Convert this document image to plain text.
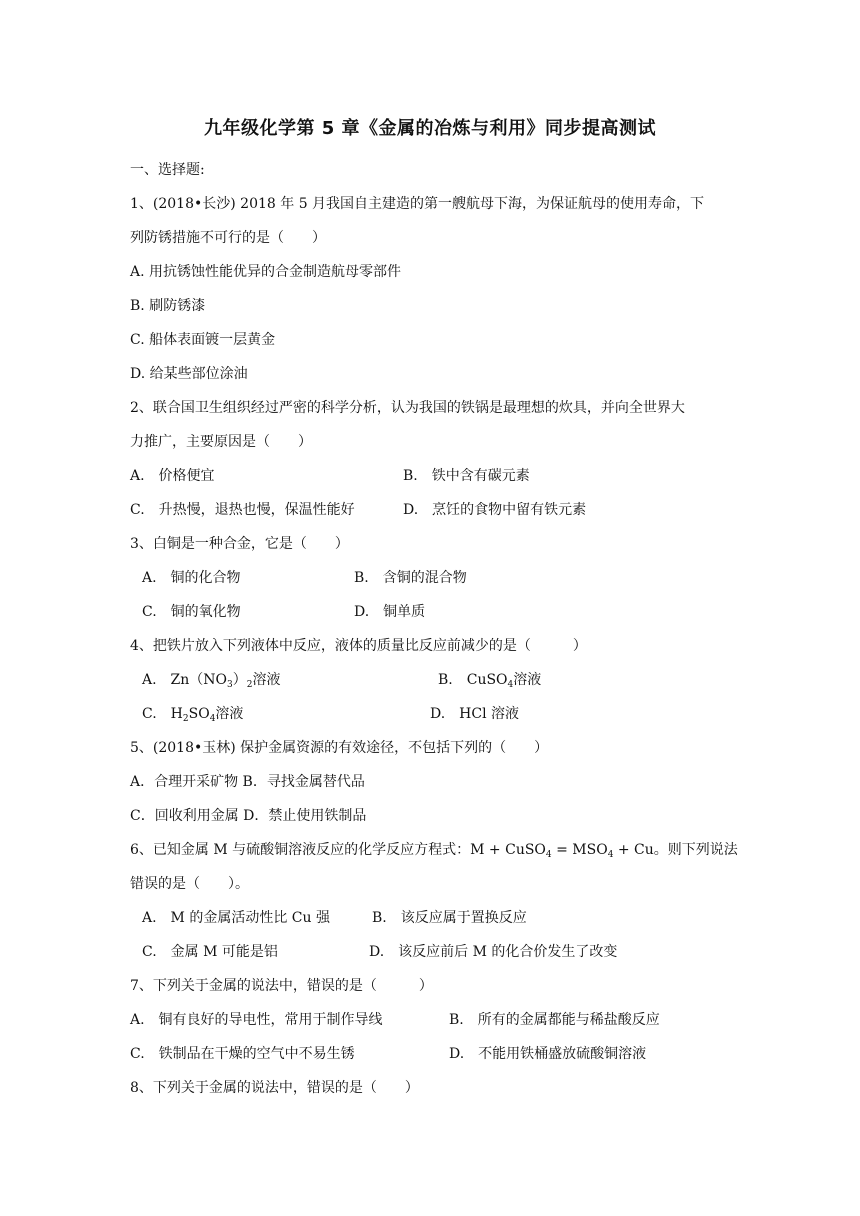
九年级化学第 5 章《金属的冶炼与利用》同步提高测试
一、选择题:
1、(2018•长沙) 2018 年 5 月我国自主建造的第一艘航母下海，为保证航母的使用寿命，下
列防锈措施不可行的是（　　）
A. 用抗锈蚀性能优异的合金制造航母零部件
B. 刷防锈漆
C. 船体表面镀一层黄金
D. 给某些部位涂油
2、联合国卫生组织经过严密的科学分析，认为我国的铁锅是最理想的炊具，并向全世界大
力推广，主要原因是（　　）
A.　价格便宜	B.　铁中含有碳元素
C.　升热慢，退热也慢，保温性能好	D.　烹饪的食物中留有铁元素
3、白铜是一种合金，它是（　　）
A.　铜的化合物	B.　含铜的混合物
C.　铜的氧化物	D.　铜单质
4、把铁片放入下列液体中反应，液体的质量比反应前减少的是（　　　）
A.　$Zn(NO_3)_2$溶液	B.　CuSO$_4$溶液
C.　$H_2SO_4$溶液	D.　HCl 溶液
5、(2018•玉林) 保护金属资源的有效途径，不包括下列的（　　）
A．合理开采矿物 B．寻找金属替代品
C．回收利用金属 D．禁止使用铁制品
6、已知金属 M 与硫酸铜溶液反应的化学反应方程式：M + CuSO$_4$ = $MSO_4 + Cu$。则下列说法
错误的是（　　）。
A.　M 的金属活动性比 Cu 强	B.　该反应属于置换反应
C.　金属 M 可能是铝	D.　该反应前后 M 的化合价发生了改变
7、下列关于金属的说法中，错误的是（　　　）
A.　铜有良好的导电性，常用于制作导线	B.　所有的金属都能与稀盐酸反应
C.　铁制品在干燥的空气中不易生锈	D.　不能用铁桶盛放硫酸铜溶液
8、下列关于金属的说法中，错误的是（　　）
